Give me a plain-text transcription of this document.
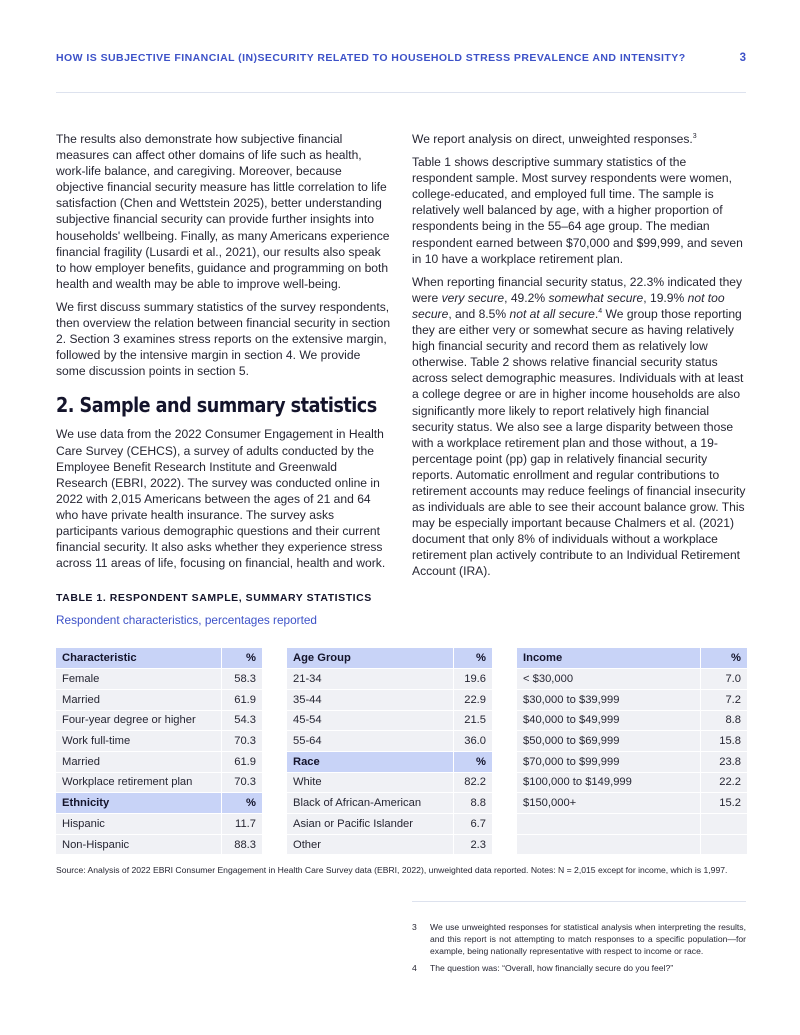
HOW IS SUBJECTIVE FINANCIAL (IN)SECURITY RELATED TO HOUSEHOLD STRESS PREVALENCE AND INTENSITY?	3

The results also demonstrate how subjective financial measures can affect other domains of life such as health, work-life balance, and caregiving. Moreover, because objective financial security measure has little correlation to life satisfaction (Chen and Wettstein 2025), better understanding subjective financial security can provide further insights into households' wellbeing. Finally, as many Americans experience financial fragility (Lusardi et al., 2021), our results also speak to how employer benefits, guidance and programming on both health and wealth may be able to improve well-being.

We first discuss summary statistics of the survey respondents, then overview the relation between financial security in section 2. Section 3 examines stress reports on the extensive margin, followed by the intensive margin in section 4. We provide some discussion points in section 5.

2. Sample and summary statistics

We use data from the 2022 Consumer Engagement in Health Care Survey (CEHCS), a survey of adults conducted by the Employee Benefit Research Institute and Greenwald Research (EBRI, 2022). The survey was conducted online in 2022 with 2,015 Americans between the ages of 21 and 64 who have private health insurance. The survey asks participants various demographic questions and their current financial security. It also asks whether they experience stress across 11 areas of life, focusing on financial, health and work.

We report analysis on direct, unweighted responses.$^3$

Table 1 shows descriptive summary statistics of the respondent sample. Most survey respondents were women, college-educated, and employed full time. The sample is relatively well balanced by age, with a higher proportion of respondents being in the 55–64 age group. The median respondent earned between $70,000 and $99,999, and seven in 10 have a workplace retirement plan.

When reporting financial security status, 22.3% indicated they were very secure, 49.2% somewhat secure, 19.9% not too secure, and 8.5% not at all secure.$^4$ We group those reporting they are either very or somewhat secure as having relatively high financial security and record them as relatively low otherwise. Table 2 shows relative financial security status across select demographic measures. Individuals with at least a college degree or are in higher income households are also significantly more likely to report relatively high financial security status. We also see a large disparity between those with a workplace retirement plan and those without, a 19-percentage point (pp) gap in relatively financial security reports. Automatic enrollment and regular contributions to retirement accounts may reduce feelings of financial insecurity as individuals are able to see their account balance grow. This may be especially important because Chalmers et al. (2021) document that only 8% of individuals without a workplace retirement plan actively contribute to an Individual Retirement Account (IRA).

TABLE 1. RESPONDENT SAMPLE, SUMMARY STATISTICS
Respondent characteristics, percentages reported
Characteristic	%
Female	58.3
Married	61.9
Four-year degree or higher	54.3
Work full-time	70.3
Married	61.9
Workplace retirement plan	70.3
Ethnicity	%
Hispanic	11.7
Non-Hispanic	88.3
Age Group	%
21-34	19.6
35-44	22.9
45-54	21.5
55-64	36.0
Race	%
White	82.2
Black of African-American	8.8
Asian or Pacific Islander	6.7
Other	2.3
Income	%
< $30,000	7.0
$30,000 to $39,999	7.2
$40,000 to $49,999	8.8
$50,000 to $69,999	15.8
$70,000 to $99,999	23.8
$100,000 to $149,999	22.2
$150,000+	15.2

Source: Analysis of 2022 EBRI Consumer Engagement in Health Care Survey data (EBRI, 2022), unweighted data reported. Notes: N = 2,015 except for income, which is 1,997.
3	We use unweighted responses for statistical analysis when interpreting the results, and this report is not attempting to match responses to a specific population—for example, being nationally representative with respect to income or race.
4	The question was: “Overall, how financially secure do you feel?”
